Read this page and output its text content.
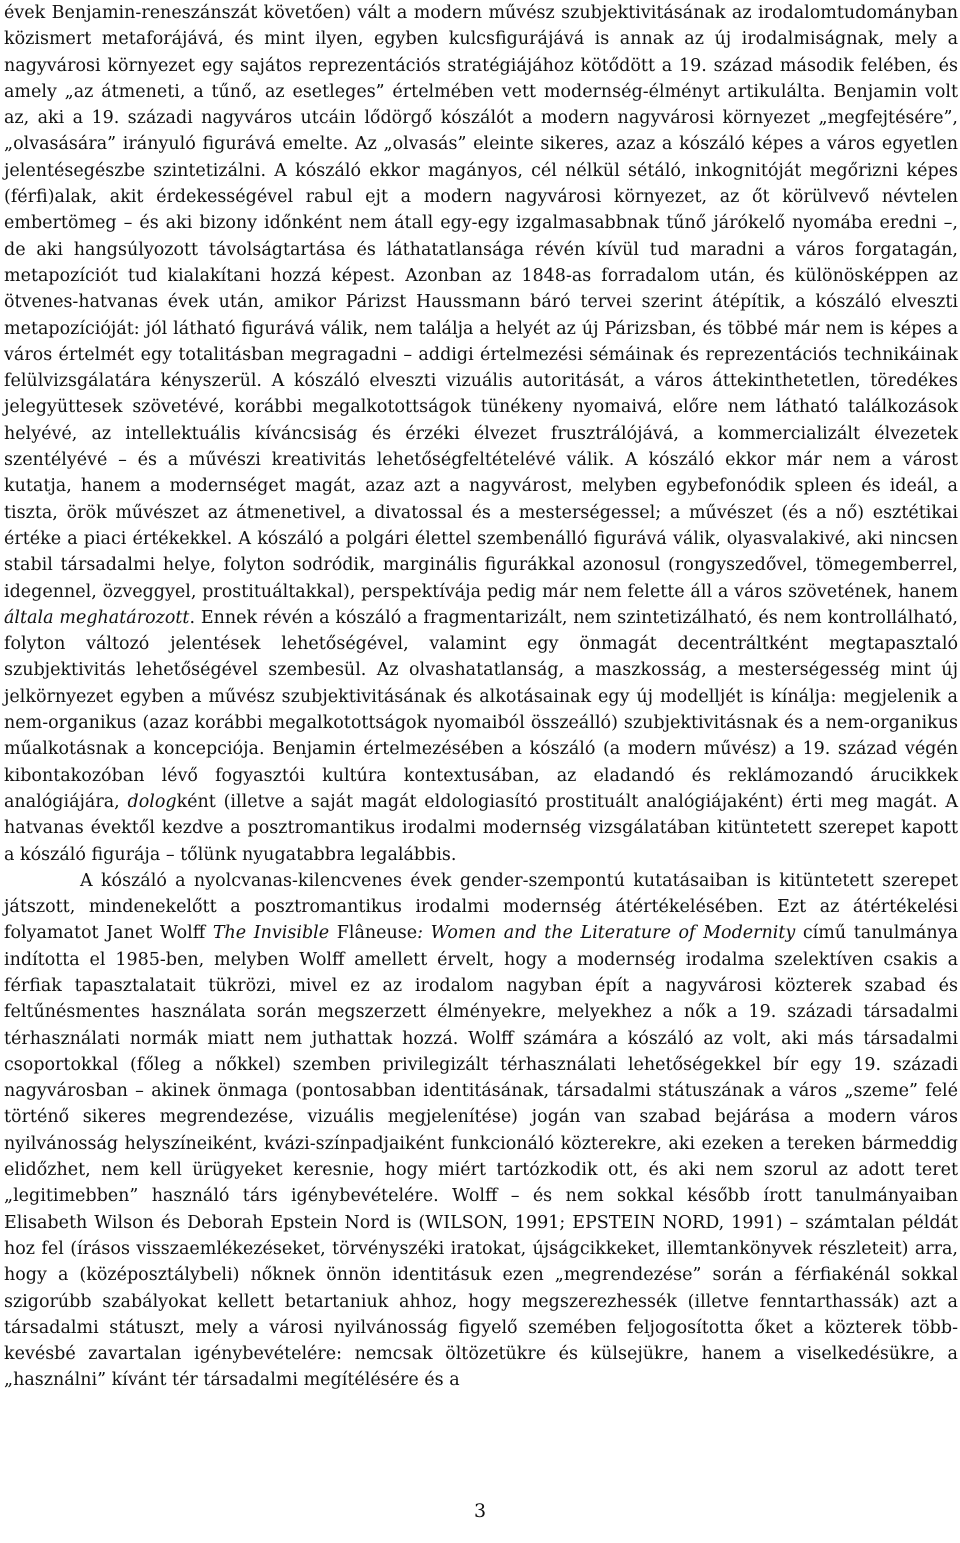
évek Benjamin-reneszánszát követően) vált a modern művész szubjektivitásának az irodalomtudományban közismert metaforájává, és mint ilyen, egyben kulcsfigurájává is annak az új irodalmiságnak, mely a nagyvárosi környezet egy sajátos reprezentációs stratégiájához kötődött a 19. század második felében, és amely „az átmeneti, a tűnő, az esetleges” értelmében vett modernség-élményt artikulálta. Benjamin volt az, aki a 19. századi nagyváros utcáin lődörgő kószálót a modern nagyvárosi környezet „megfejtésére”, „olvasására” irányuló figurává emelte. Az „olvasás” eleinte sikeres, azaz a kószáló képes a város egyetlen jelentésegészbe szintetizálni. A kószáló ekkor magányos, cél nélkül sétáló, inkognitóját megőrizni képes (férfi)alak, akit érdekességével rabul ejt a modern nagyvárosi környezet, az őt körülvevő névtelen embertömeg – és aki bizony időnként nem átall egy-egy izgalmasabbnak tűnő járókelő nyomába eredni –, de aki hangsúlyozott távolságtartása és láthatatlansága révén kívül tud maradni a város forgatagán, metapozíciót tud kialakítani hozzá képest. Azonban az 1848-as forradalom után, és különösképpen az ötvenes-hatvanas évek után, amikor Párizst Haussmann báró tervei szerint átépítik, a kószáló elveszti metapozícióját: jól látható figurává válik, nem találja a helyét az új Párizsban, és többé már nem is képes a város értelmét egy totalitásban megragadni – addigi értelmezési sémáinak és reprezentációs technikáinak felülvizsgálatára kényszerül. A kószáló elveszti vizuális autoritását, a város áttekinthetetlen, töredékes jelegyüttesek szövetévé, korábbi megalkotottságok tünékeny nyomaivá, előre nem látható találkozások helyévé, az intellektuális kíváncsiság és érzéki élvezet frusztrálójává, a kommercializált élvezetek szentélyévé – és a művészi kreativitás lehetőségfeltételévé válik. A kószáló ekkor már nem a várost kutatja, hanem a modernséget magát, azaz azt a nagyvárost, melyben egybefonódik spleen és ideál, a tiszta, örök művészet az átmenetivel, a divatossal és a mesterségessel; a művészet (és a nő) esztétikai értéke a piaci értékekkel. A kószáló a polgári élettel szembenálló figurává válik, olyasvalakivé, aki nincsen stabil társadalmi helye, folyton sodródik, marginális figurákkal azonosul (rongyszedővel, tömegemberrel, idegennel, özveggyel, prostituáltakkal), perspektívája pedig már nem felette áll a város szövetének, hanem általa meghatározott. Ennek révén a kószáló a fragmentarizált, nem szintetizálható, és nem kontrollálható, folyton változó jelentések lehetőségével, valamint egy önmagát decentráltként megtapasztaló szubjektivitás lehetőségével szembesül. Az olvashatatlanság, a maszkosság, a mesterségesség mint új jelkörnyezet egyben a művész szubjektivitásának és alkotásainak egy új modelljét is kínálja: megjelenik a nem-organikus (azaz korábbi megalkotottságok nyomaiból összeálló) szubjektivitásnak és a nem-organikus műalkotásnak a koncepciója. Benjamin értelmezésében a kószáló (a modern művész) a 19. század végén kibontakozóban lévő fogyasztói kultúra kontextusában, az eladandó és reklámozandó árucikkek analógiájára, dologként (illetve a saját magát eldologiasító prostituált analógiájaként) érti meg magát. A hatvanas évektől kezdve a posztromantikus irodalmi modernség vizsgálatában kitüntetett szerepet kapott a kószáló figurája – tőlünk nyugatabbra legalábbis.

A kószáló a nyolcvanas-kilencvenes évek gender-szempontú kutatásaiban is kitüntetett szerepet játszott, mindenekelőtt a posztromantikus irodalmi modernség átértékelésében. Ezt az átértékelési folyamatot Janet Wolff The Invisible Flâneuse: Women and the Literature of Modernity című tanulmánya indította el 1985-ben, melyben Wolff amellett érvelt, hogy a modernség irodalma szelektíven csakis a férfiak tapasztalatait tükrözi, mivel ez az irodalom nagyban épít a nagyvárosi közterek szabad és feltűnésmentes használata során megszerzett élményekre, melyekhez a nők a 19. századi társadalmi térhasználati normák miatt nem juthattak hozzá. Wolff számára a kószáló az volt, aki más társadalmi csoportokkal (főleg a nőkkel) szemben privilegizált térhasználati lehetőségekkel bír egy 19. századi nagyvárosban – akinek önmaga (pontosabban identitásának, társadalmi státuszának a város „szeme” felé történő sikeres megrendezése, vizuális megjelenítése) jogán van szabad bejárása a modern város nyilvánosság helyszíneiként, kvázi-színpadjaiként funkcionáló közterekre, aki ezeken a tereken bármeddig elidőzhet, nem kell ürügyeket keresnie, hogy miért tartózkodik ott, és aki nem szorul az adott teret „legitimebben” használó társ igénybevételére. Wolff – és nem sokkal később írott tanulmányaiban Elisabeth Wilson és Deborah Epstein Nord is (WILSON, 1991; EPSTEIN NORD, 1991) – számtalan példát hoz fel (írásos visszaemlékezéseket, törvényszéki iratokat, újságcikkeket, illemtankönyvek részleteit) arra, hogy a (középosztálybeli) nőknek önnön identitásuk ezen „megrendezése” során a férfiakénál sokkal szigorúbb szabályokat kellett betartaniuk ahhoz, hogy megszerezhessék (illetve fenntarthassák) azt a társadalmi státuszt, mely a városi nyilvánosság figyelő szemében feljogosította őket a közterek több-kevésbé zavartalan igénybevételére: nemcsak öltözetükre és külsejükre, hanem a viselkedésükre, a „használni” kívánt tér társadalmi megítélésére és a

3
